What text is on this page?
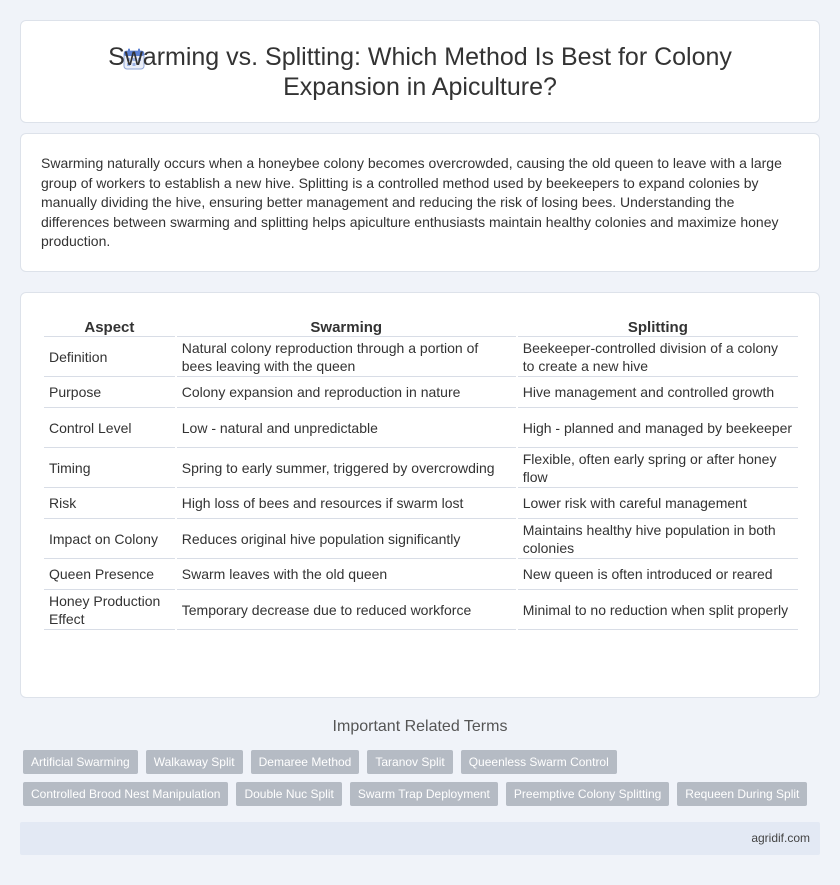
Swarming vs. Splitting: Which Method Is Best for Colony Expansion in Apiculture?

Swarming naturally occurs when a honeybee colony becomes overcrowded, causing the old queen to leave with a large group of workers to establish a new hive. Splitting is a controlled method used by beekeepers to expand colonies by manually dividing the hive, ensuring better management and reducing the risk of losing bees. Understanding the differences between swarming and splitting helps apiculture enthusiasts maintain healthy colonies and maximize honey production.

Aspect	Swarming	Splitting
Definition	Natural colony reproduction through a portion of bees leaving with the queen	Beekeeper-controlled division of a colony to create a new hive
Purpose	Colony expansion and reproduction in nature	Hive management and controlled growth
Control Level	Low - natural and unpredictable	High - planned and managed by beekeeper
Timing	Spring to early summer, triggered by overcrowding	Flexible, often early spring or after honey flow
Risk	High loss of bees and resources if swarm lost	Lower risk with careful management
Impact on Colony	Reduces original hive population significantly	Maintains healthy hive population in both colonies
Queen Presence	Swarm leaves with the old queen	New queen is often introduced or reared
Honey Production Effect	Temporary decrease due to reduced workforce	Minimal to no reduction when split properly
Important Related Terms
Artificial Swarming	Walkaway Split	Demaree Method	Taranov Split	Queenless Swarm Control
Controlled Brood Nest Manipulation	Double Nuc Split	Swarm Trap Deployment	Preemptive Colony Splitting	Requeen During Split
agridif.com
